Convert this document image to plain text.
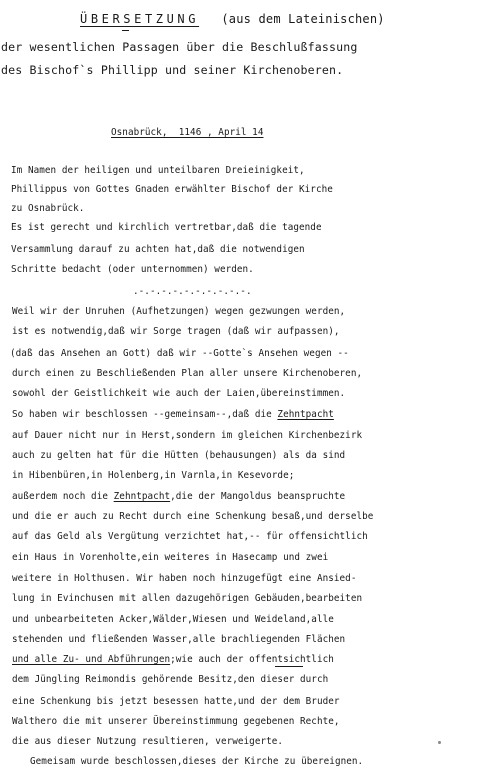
ÜBERSETZUNG (aus dem Lateinischen)
der wesentlichen Passagen über die Beschlußfassung
des Bischof`s Phillipp und seiner Kirchenoberen.
Osnabrück,  1146 , April 14
Im Namen der heiligen und unteilbaren Dreieinigkeit,
Phillippus von Gottes Gnaden erwählter Bischof der Kirche
zu Osnabrück.
Es ist gerecht und kirchlich vertretbar,daß die tagende
Versammlung darauf zu achten hat,daß die notwendigen
Schritte bedacht (oder unternommen) werden.
.-.-.-.-.-.-.-.-.-.-.
Weil wir der Unruhen (Aufhetzungen) wegen gezwungen werden,
ist es notwendig,daß wir Sorge tragen (daß wir aufpassen),
(daß das Ansehen an Gott) daß wir --Gotte`s Ansehen wegen --
durch einen zu Beschließenden Plan aller unsere Kirchenoberen,
sowohl der Geistlichkeit wie auch der Laien,übereinstimmen.
So haben wir beschlossen --gemeinsam--,daß die Zehntpacht
auf Dauer nicht nur in Herst,sondern im gleichen Kirchenbezirk
auch zu gelten hat für die Hütten (behausungen) als da sind
in Hibenbüren,in Holenberg,in Varnla,in Kesevorde;
außerdem noch die Zehntpacht,die der Mangoldus beanspruchte
und die er auch zu Recht durch eine Schenkung besaß,und derselbe
auf das Geld als Vergütung verzichtet hat,-- für offensichtlich
ein Haus in Vorenholte,ein weiteres in Hasecamp und zwei
weitere in Holthusen. Wir haben noch hinzugefügt eine Ansied-
lung in Evinchusen mit allen dazugehörigen Gebäuden,bearbeiten
und unbearbeiteten Acker,Wälder,Wiesen und Weideland,alle
stehenden und fließenden Wasser,alle brachliegenden Flächen
und alle Zu- und Abführungen;wie auch der offentsichtlich
dem Jüngling Reimondis gehörende Besitz,den dieser durch
eine Schenkung bis jetzt besessen hatte,und der dem Bruder
Walthero die mit unserer Übereinstimmung gegebenen Rechte,
die aus dieser Nutzung resultieren, verweigerte.
Gemeisam wurde beschlossen,dieses der Kirche zu übereignen.
